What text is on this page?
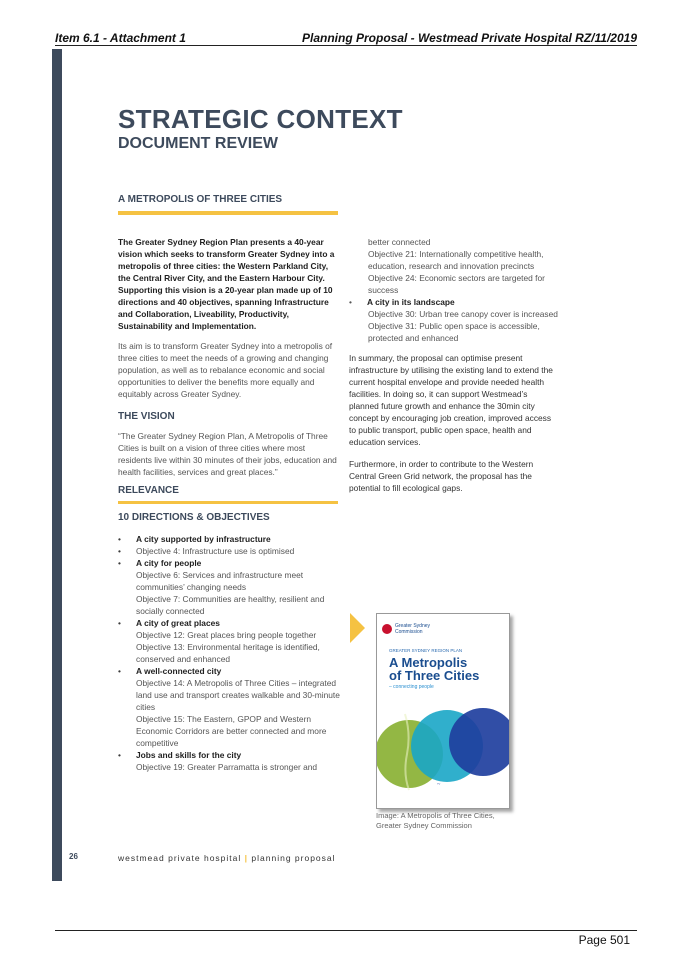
Item 6.1 - Attachment 1	Planning Proposal - Westmead Private Hospital RZ/11/2019
STRATEGIC CONTEXT
DOCUMENT REVIEW
A METROPOLIS OF THREE CITIES

The Greater Sydney Region Plan presents a 40-year vision which seeks to transform Greater Sydney into a metropolis of three cities: the Western Parkland City, the Central River City, and the Eastern Harbour City. Supporting this vision is a 20-year plan made up of 10 directions and 40 objectives, spanning Infrastructure and Collaboration, Liveability, Productivity, Sustainability and Implementation.

Its aim is to transform Greater Sydney into a metropolis of three cities to meet the needs of a growing and changing population, as well as to rebalance economic and social opportunities to deliver the benefits more equally and equitably across Greater Sydney.

THE VISION

“The Greater Sydney Region Plan, A Metropolis of Three Cities is built on a vision of three cities where most residents live within 30 minutes of their jobs, education and health facilities, services and great places.”

RELEVANCE
10 DIRECTIONS & OBJECTIVES
• A city supported by infrastructure
• Objective 4: Infrastructure use is optimised
• A city for people
Objective 6: Services and infrastructure meet communities’ changing needs
Objective 7: Communities are healthy, resilient and socially connected
• A city of great places
Objective 12: Great places bring people together
Objective 13: Environmental heritage is identified, conserved and enhanced
• A well-connected city
Objective 14: A Metropolis of Three Cities – integrated land use and transport creates walkable and 30-minute cities
Objective 15: The Eastern, GPOP and Western Economic Corridors are better connected and more competitive
• Jobs and skills for the city
Objective 19: Greater Parramatta is stronger and

better connected

Objective 21: Internationally competitive health, education, research and innovation precincts

Objective 24: Economic sectors are targeted for success

• A city in its landscape

Objective 30: Urban tree canopy cover is increased

Objective 31: Public open space is accessible, protected and enhanced

In summary, the proposal can optimise present infrastructure by utilising the existing land to extend the current hospital envelope and provide needed health facilities. In doing so, it can support Westmead’s planned future growth and enhance the 30min city concept by encouraging job creation, improved access to public transport, public open space, health and education services.

Furthermore, in order to contribute to the Western Central Green Grid network, the proposal has the potential to fill ecological gaps.

~
Greater Sydney
Commission
GREATER SYDNEY REGION PLAN
A Metropolis
of Three Cities
– connecting people
Image: A Metropolis of Three Cities,
Greater Sydney Commission
26	westmead private hospital | planning proposal
Page 501
